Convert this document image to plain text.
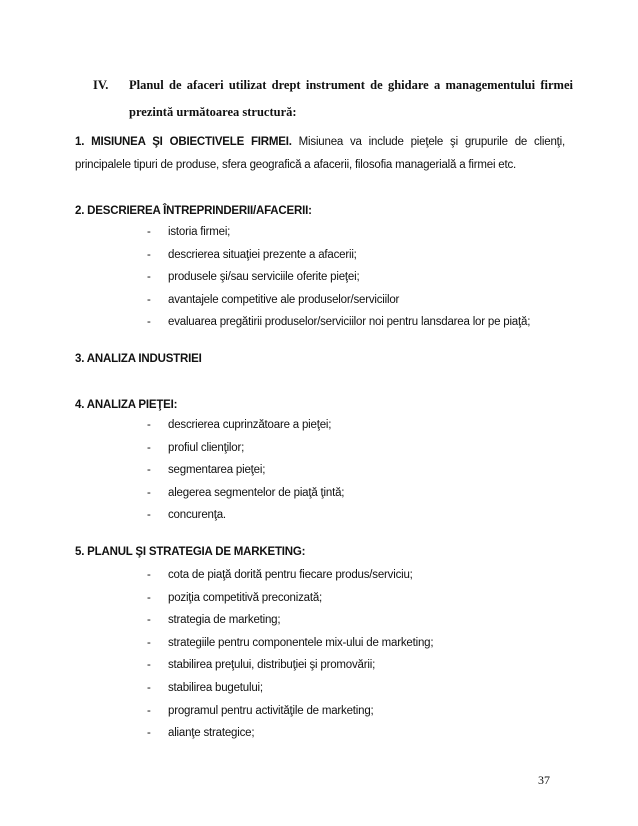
IV. Planul de afaceri utilizat drept instrument de ghidare a managementului firmei prezintă următoarea structură:
1. MISIUNEA ŞI OBIECTIVELE FIRMEI. Misiunea va include pieţele şi grupurile de clienţi, principalele tipuri de produse, sfera geografică a afacerii, filosofia managerială a firmei etc.
2. DESCRIEREA ÎNTREPRINDERII/AFACERII:
- istoria firmei;
- descrierea situaţiei prezente a afacerii;
- produsele şi/sau serviciile oferite pieţei;
- avantajele competitive ale produselor/serviciilor
- evaluarea pregătirii produselor/serviciilor noi pentru lansdarea lor pe piaţă;
3. ANALIZA INDUSTRIEI
4. ANALIZA PIEŢEI:
- descrierea cuprinzătoare a pieţei;
- profiul clienţilor;
- segmentarea pieţei;
- alegerea segmentelor de piaţă ţintă;
- concurenţa.
5. PLANUL ŞI STRATEGIA DE MARKETING:
- cota de piaţă dorită pentru fiecare produs/serviciu;
- poziţia competitivă preconizată;
- strategia de marketing;
- strategiile pentru componentele mix-ului de marketing;
- stabilirea preţului, distribuţiei şi promovării;
- stabilirea bugetului;
- programul pentru activităţile de marketing;
- alianţe strategice;
37
